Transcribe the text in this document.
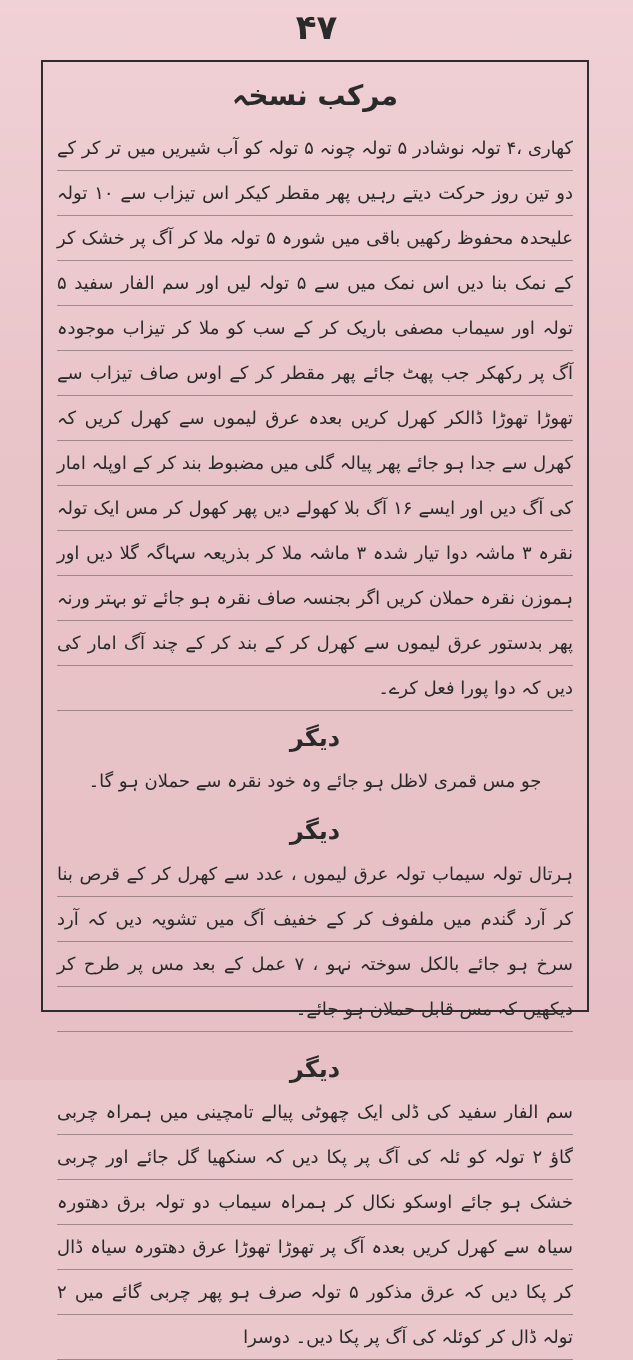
۴۷
مرکب نسخہ

کھاری ،۴ تولہ نوشادر ۵ تولہ چونہ ۵ تولہ کو آب شیریں میں تر کر کے دو تین روز حرکت دیتے رہیں پھر مقطر کیکر اس تیزاب سے ۱۰ تولہ علیحدہ محفوظ رکھیں باقی میں شورہ ۵ تولہ ملا کر آگ پر خشک کر کے نمک بنا دیں اس نمک میں سے ۵ تولہ لیں اور سم الفار سفید ۵ تولہ اور سیماب مصفی باریک کر کے سب کو ملا کر تیزاب موجودہ آگ پر رکھکر جب پھٹ جائے پھر مقطر کر کے اوس صاف تیزاب سے تھوڑا تھوڑا ڈالکر کھرل کریں بعدہ عرق لیموں سے کھرل کریں کہ کھرل سے جدا ہو جائے پھر پیالہ گلی میں مضبوط بند کر کے اوپلہ امار کی آگ دیں اور ایسے ۱۶ آگ بلا کھولے دیں پھر کھول کر مس ایک تولہ نقرہ ۳ ماشہ دوا تیار شدہ ۳ ماشہ ملا کر بذریعہ سہاگہ گلا دیں اور ہموزن نقرہ حملان کریں اگر بجنسہ صاف نقرہ ہو جائے تو بہتر ورنہ پھر بدستور عرق لیموں سے کھرل کر کے بند کر کے چند آگ امار کی دیں کہ دوا پورا فعل کرے۔

دیگر

جو مس قمری لاظل ہو جائے وہ خود نقرہ سے حملان ہو گا۔

دیگر

ہرتال تولہ سیماب تولہ عرق لیموں ، عدد سے کھرل کر کے قرص بنا کر آرد گندم میں ملفوف کر کے خفیف آگ میں تشویہ دیں کہ آرد سرخ ہو جائے بالکل سوختہ نہو ، ۷ عمل کے بعد مس پر طرح کر دیکھیں کہ مس قابل حملان ہو جائے۔

دیگر

سم الفار سفید کی ڈلی ایک چھوٹی پیالے تامچینی میں ہمراہ چربی گاؤ ۲ تولہ کو ئلہ کی آگ پر پکا دیں کہ سنکھیا گل جائے اور چربی خشک ہو جائے اوسکو نکال کر ہمراہ سیماب دو تولہ برق دھتورہ سیاہ سے کھرل کریں بعدہ آگ پر تھوڑا تھوڑا عرق دھتورہ سیاہ ڈال کر پکا دیں کہ عرق مذکور ۵ تولہ صرف ہو پھر چربی گائے میں ۲ تولہ ڈال کر کوئلہ کی آگ پر پکا دیں۔ دوسرا
